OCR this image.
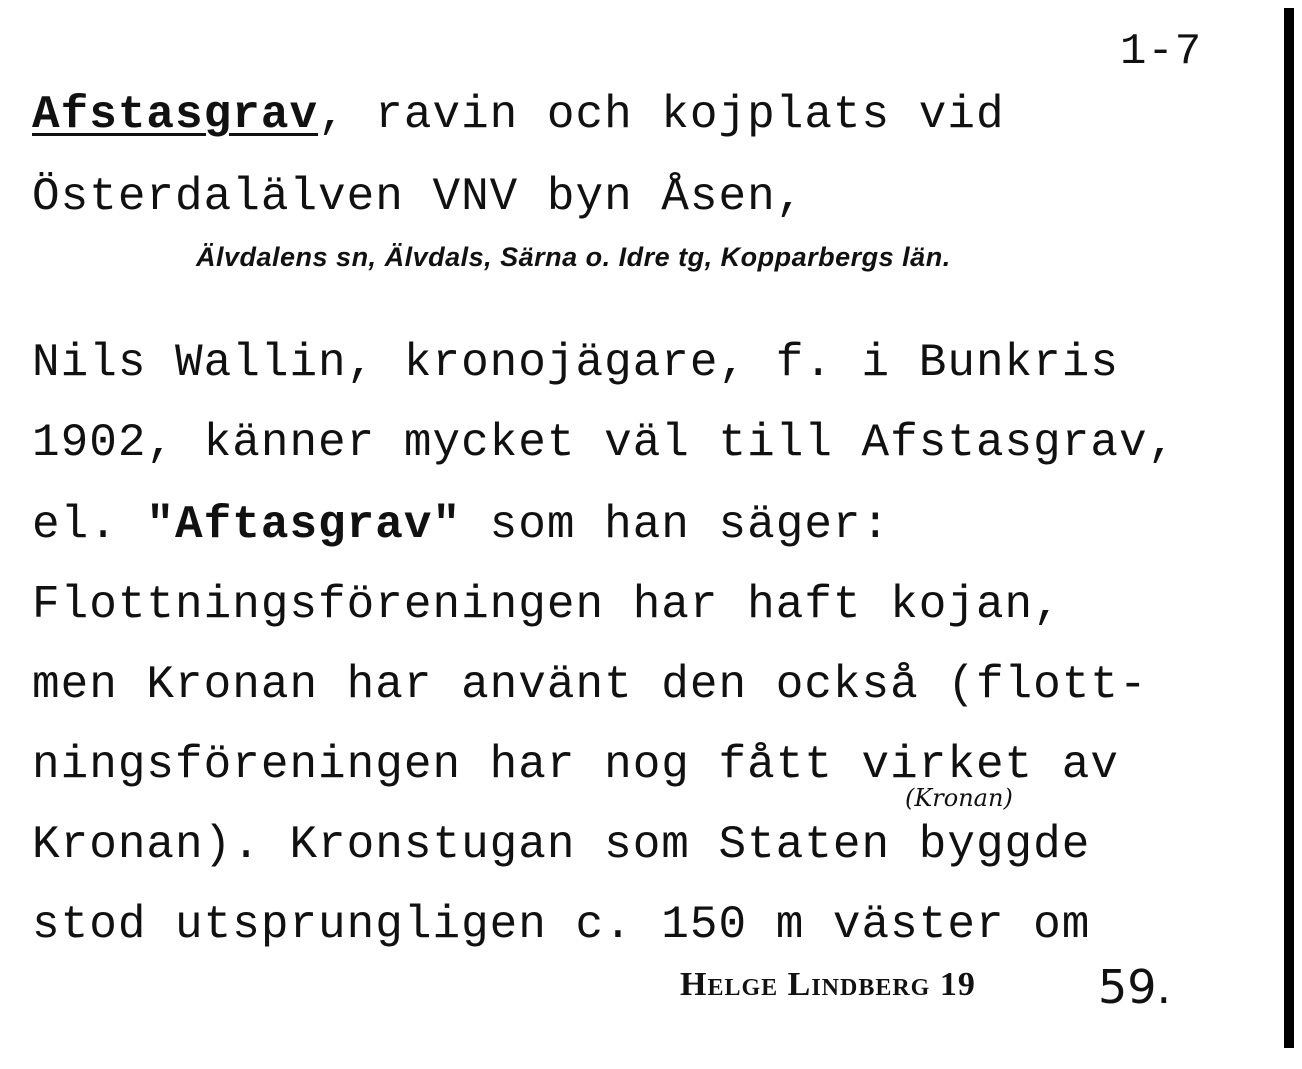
1-7
Afstasgrav, ravin och kojplats vid
Österdalälven VNV byn Åsen,
Älvdalens sn, Älvdals, Särna o. Idre tg, Kopparbergs län.
Nils Wallin, kronojägare, f. i Bunkris
1902, känner mycket väl till Afstasgrav,
el. "Aftasgrav" som han säger:
Flottningsföreningen har haft kojan,
men Kronan har använt den också (flott-
ningsföreningen har nog fått virket av
(Kronan)
Kronan). Kronstugan som Staten byggde
stod utsprungligen c. 150 m väster om
Helge Lindberg 19	59.
